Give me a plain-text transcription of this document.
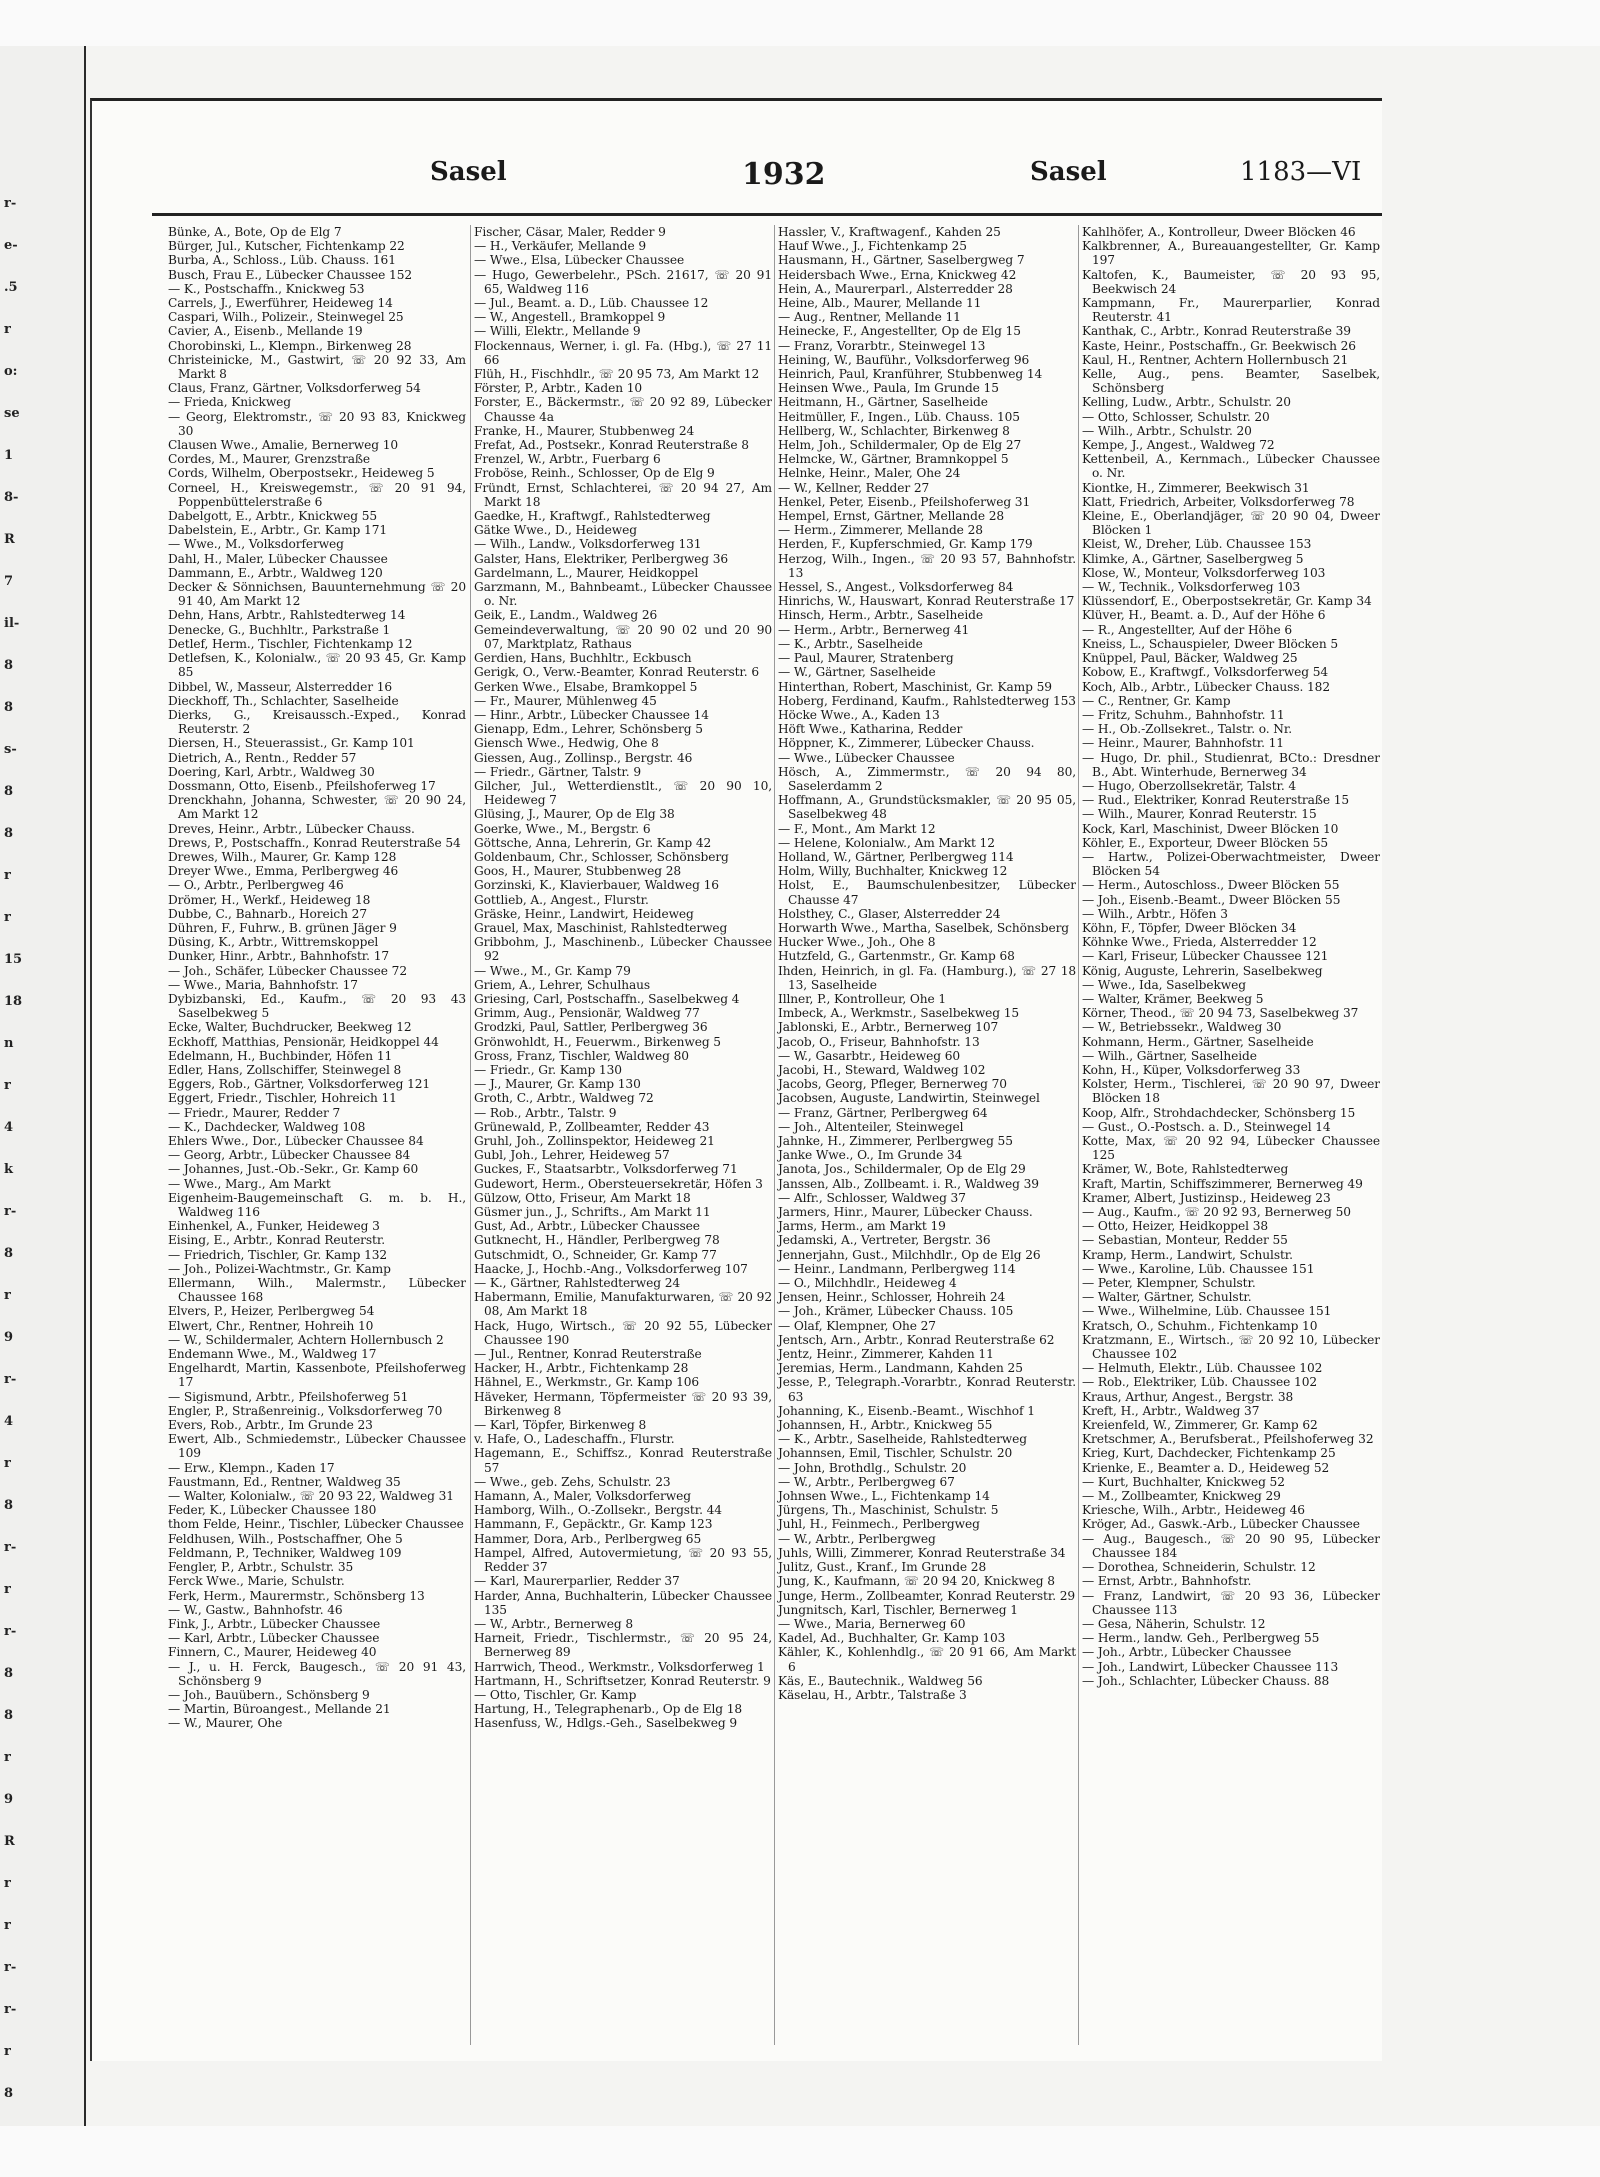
r-
e-
.5
r
o:
se
1
8-
R
7
il-
8
8
s-
8
8
r
r
15
18
n
r
4
k
r-
8
r
9
r-
4
r
8
r-
r
r-
8
8
r
9
R
r
r
r-
r-
r
8
Sasel	1932	Sasel	1183—VI

Bünke, A., Bote, Op de Elg 7

Bürger, Jul., Kutscher, Fichtenkamp 22

Burba, A., Schloss., Lüb. Chauss. 161

Busch, Frau E., Lübecker Chaussee 152

— K., Postschaffn., Knickweg 53

Carrels, J., Ewerführer, Heideweg 14

Caspari, Wilh., Polizeir., Steinwegel 25

Cavier, A., Eisenb., Mellande 19

Chorobinski, L., Klempn., Birkenweg 28

Christeinicke, M., Gastwirt, ☏ 20 92 33, Am Markt 8

Claus, Franz, Gärtner, Volksdorferweg 54

— Frieda, Knickweg

— Georg, Elektromstr., ☏ 20 93 83, Knickweg 30

Clausen Wwe., Amalie, Bernerweg 10

Cordes, M., Maurer, Grenzstraße

Cords, Wilhelm, Oberpostsekr., Heideweg 5

Corneel, H., Kreiswegemstr., ☏ 20 91 94, Poppenbüttelerstraße 6

Dabelgott, E., Arbtr., Knickweg 55

Dabelstein, E., Arbtr., Gr. Kamp 171

— Wwe., M., Volksdorferweg

Dahl, H., Maler, Lübecker Chaussee

Dammann, E., Arbtr., Waldweg 120

Decker & Sönnichsen, Bauunternehmung ☏ 20 91 40, Am Markt 12

Dehn, Hans, Arbtr., Rahlstedterweg 14

Denecke, G., Buchhltr., Parkstraße 1

Detlef, Herm., Tischler, Fichtenkamp 12

Detlefsen, K., Kolonialw., ☏ 20 93 45, Gr. Kamp 85

Dibbel, W., Masseur, Alsterredder 16

Dieckhoff, Th., Schlachter, Saselheide

Dierks, G., Kreisaussch.-Exped., Konrad Reuterstr. 2

Diersen, H., Steuerassist., Gr. Kamp 101

Dietrich, A., Rentn., Redder 57

Doering, Karl, Arbtr., Waldweg 30

Dossmann, Otto, Eisenb., Pfeilshoferweg 17

Drenckhahn, Johanna, Schwester, ☏ 20 90 24, Am Markt 12

Dreves, Heinr., Arbtr., Lübecker Chauss.

Drews, P., Postschaffn., Konrad Reuterstraße 54

Drewes, Wilh., Maurer, Gr. Kamp 128

Dreyer Wwe., Emma, Perlbergweg 46

— O., Arbtr., Perlbergweg 46

Drömer, H., Werkf., Heideweg 18

Dubbe, C., Bahnarb., Horeich 27

Dühren, F., Fuhrw., B. grünen Jäger 9

Düsing, K., Arbtr., Wittremskoppel

Dunker, Hinr., Arbtr., Bahnhofstr. 17

— Joh., Schäfer, Lübecker Chaussee 72

— Wwe., Maria, Bahnhofstr. 17

Dybizbanski, Ed., Kaufm., ☏ 20 93 43 Saselbekweg 5

Ecke, Walter, Buchdrucker, Beekweg 12

Eckhoff, Matthias, Pensionär, Heidkoppel 44

Edelmann, H., Buchbinder, Höfen 11

Edler, Hans, Zollschiffer, Steinwegel 8

Eggers, Rob., Gärtner, Volksdorferweg 121

Eggert, Friedr., Tischler, Hohreich 11

— Friedr., Maurer, Redder 7

— K., Dachdecker, Waldweg 108

Ehlers Wwe., Dor., Lübecker Chaussee 84

— Georg, Arbtr., Lübecker Chaussee 84

— Johannes, Just.-Ob.-Sekr., Gr. Kamp 60

— Wwe., Marg., Am Markt

Eigenheim-Baugemeinschaft G. m. b. H., Waldweg 116

Einhenkel, A., Funker, Heideweg 3

Eising, E., Arbtr., Konrad Reuterstr.

— Friedrich, Tischler, Gr. Kamp 132

— Joh., Polizei-Wachtmstr., Gr. Kamp

Ellermann, Wilh., Malermstr., Lübecker Chaussee 168

Elvers, P., Heizer, Perlbergweg 54

Elwert, Chr., Rentner, Hohreih 10

— W., Schildermaler, Achtern Hollernbusch 2

Endemann Wwe., M., Waldweg 17

Engelhardt, Martin, Kassenbote, Pfeilshoferweg 17

— Sigismund, Arbtr., Pfeilshoferweg 51

Engler, P., Straßenreinig., Volksdorferweg 70

Evers, Rob., Arbtr., Im Grunde 23

Ewert, Alb., Schmiedemstr., Lübecker Chaussee 109

— Erw., Klempn., Kaden 17

Faustmann, Ed., Rentner, Waldweg 35

— Walter, Kolonialw., ☏ 20 93 22, Waldweg 31

Feder, K., Lübecker Chaussee 180

thom Felde, Heinr., Tischler, Lübecker Chaussee

Feldhusen, Wilh., Postschaffner, Ohe 5

Feldmann, P., Techniker, Waldweg 109

Fengler, P., Arbtr., Schulstr. 35

Ferck Wwe., Marie, Schulstr.

Ferk, Herm., Maurermstr., Schönsberg 13

— W., Gastw., Bahnhofstr. 46

Fink, J., Arbtr., Lübecker Chaussee

— Karl, Arbtr., Lübecker Chaussee

Finnern, C., Maurer, Heideweg 40

— J., u. H. Ferck, Baugesch., ☏ 20 91 43, Schönsberg 9

— Joh., Bauübern., Schönsberg 9

— Martin, Büroangest., Mellande 21

— W., Maurer, Ohe

Fischer, Cäsar, Maler, Redder 9

— H., Verkäufer, Mellande 9

— Wwe., Elsa, Lübecker Chaussee

— Hugo, Gewerbelehr., PSch. 21617, ☏ 20 91 65, Waldweg 116

— Jul., Beamt. a. D., Lüb. Chaussee 12

— W., Angestell., Bramkoppel 9

— Willi, Elektr., Mellande 9

Flockennaus, Werner, i. gl. Fa. (Hbg.), ☏ 27 11 66

Flüh, H., Fischhdlr., ☏ 20 95 73, Am Markt 12

Förster, P., Arbtr., Kaden 10

Forster, E., Bäckermstr., ☏ 20 92 89, Lübecker Chausse 4a

Franke, H., Maurer, Stubbenweg 24

Frefat, Ad., Postsekr., Konrad Reuterstraße 8

Frenzel, W., Arbtr., Fuerbarg 6

Froböse, Reinh., Schlosser, Op de Elg 9

Fründt, Ernst, Schlachterei, ☏ 20 94 27, Am Markt 18

Gaedke, H., Kraftwgf., Rahlstedterweg

Gätke Wwe., D., Heideweg

— Wilh., Landw., Volksdorferweg 131

Galster, Hans, Elektriker, Perlbergweg 36

Gardelmann, L., Maurer, Heidkoppel

Garzmann, M., Bahnbeamt., Lübecker Chaussee o. Nr.

Geik, E., Landm., Waldweg 26

Gemeindeverwaltung, ☏ 20 90 02 und 20 90 07, Marktplatz, Rathaus

Gerdien, Hans, Buchhltr., Eckbusch

Gerigk, O., Verw.-Beamter, Konrad Reuterstr. 6

Gerken Wwe., Elsabe, Bramkoppel 5

— Fr., Maurer, Mühlenweg 45

— Hinr., Arbtr., Lübecker Chaussee 14

Gienapp, Edm., Lehrer, Schönsberg 5

Giensch Wwe., Hedwig, Ohe 8

Giessen, Aug., Zollinsp., Bergstr. 46

— Friedr., Gärtner, Talstr. 9

Gilcher, Jul., Wetterdienstlt., ☏ 20 90 10, Heideweg 7

Glüsing, J., Maurer, Op de Elg 38

Goerke, Wwe., M., Bergstr. 6

Göttsche, Anna, Lehrerin, Gr. Kamp 42

Goldenbaum, Chr., Schlosser, Schönsberg

Goos, H., Maurer, Stubbenweg 28

Gorzinski, K., Klavierbauer, Waldweg 16

Gottlieb, A., Angest., Flurstr.

Gräske, Heinr., Landwirt, Heideweg

Grauel, Max, Maschinist, Rahlstedterweg

Gribbohm, J., Maschinenb., Lübecker Chaussee 92

— Wwe., M., Gr. Kamp 79

Griem, A., Lehrer, Schulhaus

Griesing, Carl, Postschaffn., Saselbekweg 4

Grimm, Aug., Pensionär, Waldweg 77

Grodzki, Paul, Sattler, Perlbergweg 36

Grönwohldt, H., Feuerwm., Birkenweg 5

Gross, Franz, Tischler, Waldweg 80

— Friedr., Gr. Kamp 130

— J., Maurer, Gr. Kamp 130

Groth, C., Arbtr., Waldweg 72

— Rob., Arbtr., Talstr. 9

Grünewald, P., Zollbeamter, Redder 43

Gruhl, Joh., Zollinspektor, Heideweg 21

Gubl, Joh., Lehrer, Heideweg 57

Guckes, F., Staatsarbtr., Volksdorferweg 71

Gudewort, Herm., Obersteuersekretär, Höfen 3

Gülzow, Otto, Friseur, Am Markt 18

Güsmer jun., J., Schrifts., Am Markt 11

Gust, Ad., Arbtr., Lübecker Chaussee

Gutknecht, H., Händler, Perlbergweg 78

Gutschmidt, O., Schneider, Gr. Kamp 77

Haacke, J., Hochb.-Ang., Volksdorferweg 107

— K., Gärtner, Rahlstedterweg 24

Habermann, Emilie, Manufakturwaren, ☏ 20 92 08, Am Markt 18

Hack, Hugo, Wirtsch., ☏ 20 92 55, Lübecker Chaussee 190

— Jul., Rentner, Konrad Reuterstraße

Hacker, H., Arbtr., Fichtenkamp 28

Hähnel, E., Werkmstr., Gr. Kamp 106

Häveker, Hermann, Töpfermeister ☏ 20 93 39, Birkenweg 8

— Karl, Töpfer, Birkenweg 8

v. Hafe, O., Ladeschaffn., Flurstr.

Hagemann, E., Schiffsz., Konrad Reuterstraße 57

— Wwe., geb. Zehs, Schulstr. 23

Hamann, A., Maler, Volksdorferweg

Hamborg, Wilh., O.-Zollsekr., Bergstr. 44

Hammann, F., Gepäcktr., Gr. Kamp 123

Hammer, Dora, Arb., Perlbergweg 65

Hampel, Alfred, Autovermietung, ☏ 20 93 55, Redder 37

— Karl, Maurerparlier, Redder 37

Harder, Anna, Buchhalterin, Lübecker Chaussee 135

— W., Arbtr., Bernerweg 8

Harneit, Friedr., Tischlermstr., ☏ 20 95 24, Bernerweg 89

Harrwich, Theod., Werkmstr., Volksdorferweg 1

Hartmann, H., Schriftsetzer, Konrad Reuterstr. 9

— Otto, Tischler, Gr. Kamp

Hartung, H., Telegraphenarb., Op de Elg 18

Hasenfuss, W., Hdlgs.-Geh., Saselbekweg 9

Hassler, V., Kraftwagenf., Kahden 25

Hauf Wwe., J., Fichtenkamp 25

Hausmann, H., Gärtner, Saselbergweg 7

Heidersbach Wwe., Erna, Knickweg 42

Hein, A., Maurerparl., Alsterredder 28

Heine, Alb., Maurer, Mellande 11

— Aug., Rentner, Mellande 11

Heinecke, F., Angestellter, Op de Elg 15

— Franz, Vorarbtr., Steinwegel 13

Heining, W., Bauführ., Volksdorferweg 96

Heinrich, Paul, Kranführer, Stubbenweg 14

Heinsen Wwe., Paula, Im Grunde 15

Heitmann, H., Gärtner, Saselheide

Heitmüller, F., Ingen., Lüb. Chauss. 105

Hellberg, W., Schlachter, Birkenweg 8

Helm, Joh., Schildermaler, Op de Elg 27

Helmcke, W., Gärtner, Bramnkoppel 5

Helnke, Heinr., Maler, Ohe 24

— W., Kellner, Redder 27

Henkel, Peter, Eisenb., Pfeilshoferweg 31

Hempel, Ernst, Gärtner, Mellande 28

— Herm., Zimmerer, Mellande 28

Herden, F., Kupferschmied, Gr. Kamp 179

Herzog, Wilh., Ingen., ☏ 20 93 57, Bahnhofstr. 13

Hessel, S., Angest., Volksdorferweg 84

Hinrichs, W., Hauswart, Konrad Reuterstraße 17

Hinsch, Herm., Arbtr., Saselheide

— Herm., Arbtr., Bernerweg 41

— K., Arbtr., Saselheide

— Paul, Maurer, Stratenberg

— W., Gärtner, Saselheide

Hinterthan, Robert, Maschinist, Gr. Kamp 59

Hoberg, Ferdinand, Kaufm., Rahlstedterweg 153

Höcke Wwe., A., Kaden 13

Höft Wwe., Katharina, Redder

Höppner, K., Zimmerer, Lübecker Chauss.

— Wwe., Lübecker Chaussee

Hösch, A., Zimmermstr., ☏ 20 94 80, Saselerdamm 2

Hoffmann, A., Grundstücksmakler, ☏ 20 95 05, Saselbekweg 48

— F., Mont., Am Markt 12

— Helene, Kolonialw., Am Markt 12

Holland, W., Gärtner, Perlbergweg 114

Holm, Willy, Buchhalter, Knickweg 12

Holst, E., Baumschulenbesitzer, Lübecker Chausse 47

Holsthey, C., Glaser, Alsterredder 24

Horwarth Wwe., Martha, Saselbek, Schönsberg

Hucker Wwe., Joh., Ohe 8

Hutzfeld, G., Gartenmstr., Gr. Kamp 68

Ihden, Heinrich, in gl. Fa. (Hamburg.), ☏ 27 18 13, Saselheide

Illner, P., Kontrolleur, Ohe 1

Imbeck, A., Werkmstr., Saselbekweg 15

Jablonski, E., Arbtr., Bernerweg 107

Jacob, O., Friseur, Bahnhofstr. 13

— W., Gasarbtr., Heideweg 60

Jacobi, H., Steward, Waldweg 102

Jacobs, Georg, Pfleger, Bernerweg 70

Jacobsen, Auguste, Landwirtin, Steinwegel

— Franz, Gärtner, Perlbergweg 64

— Joh., Altenteiler, Steinwegel

Jahnke, H., Zimmerer, Perlbergweg 55

Janke Wwe., O., Im Grunde 34

Janota, Jos., Schildermaler, Op de Elg 29

Janssen, Alb., Zollbeamt. i. R., Waldweg 39

— Alfr., Schlosser, Waldweg 37

Jarmers, Hinr., Maurer, Lübecker Chauss.

Jarms, Herm., am Markt 19

Jedamski, A., Vertreter, Bergstr. 36

Jennerjahn, Gust., Milchhdlr., Op de Elg 26

— Heinr., Landmann, Perlbergweg 114

— O., Milchhdlr., Heideweg 4

Jensen, Heinr., Schlosser, Hohreih 24

— Joh., Krämer, Lübecker Chauss. 105

— Olaf, Klempner, Ohe 27

Jentsch, Arn., Arbtr., Konrad Reuterstraße 62

Jentz, Heinr., Zimmerer, Kahden 11

Jeremias, Herm., Landmann, Kahden 25

Jesse, P., Telegraph.-Vorarbtr., Konrad Reuterstr. 63

Johanning, K., Eisenb.-Beamt., Wischhof 1

Johannsen, H., Arbtr., Knickweg 55

— K., Arbtr., Saselheide, Rahlstedterweg

Johannsen, Emil, Tischler, Schulstr. 20

— John, Brothdlg., Schulstr. 20

— W., Arbtr., Perlbergweg 67

Johnsen Wwe., L., Fichtenkamp 14

Jürgens, Th., Maschinist, Schulstr. 5

Juhl, H., Feinmech., Perlbergweg

— W., Arbtr., Perlbergweg

Juhls, Willi, Zimmerer, Konrad Reuterstraße 34

Julitz, Gust., Kranf., Im Grunde 28

Jung, K., Kaufmann, ☏ 20 94 20, Knickweg 8

Junge, Herm., Zollbeamter, Konrad Reuterstr. 29

Jungnitsch, Karl, Tischler, Bernerweg 1

— Wwe., Maria, Bernerweg 60

Kadel, Ad., Buchhalter, Gr. Kamp 103

Kähler, K., Kohlenhdlg., ☏ 20 91 66, Am Markt 6

Käs, E., Bautechnik., Waldweg 56

Käselau, H., Arbtr., Talstraße 3

Kahlhöfer, A., Kontrolleur, Dweer Blöcken 46

Kalkbrenner, A., Bureauangestellter, Gr. Kamp 197

Kaltofen, K., Baumeister, ☏ 20 93 95, Beekwisch 24

Kampmann, Fr., Maurerparlier, Konrad Reuterstr. 41

Kanthak, C., Arbtr., Konrad Reuterstraße 39

Kaste, Heinr., Postschaffn., Gr. Beekwisch 26

Kaul, H., Rentner, Achtern Hollernbusch 21

Kelle, Aug., pens. Beamter, Saselbek, Schönsberg

Kelling, Ludw., Arbtr., Schulstr. 20

— Otto, Schlosser, Schulstr. 20

— Wilh., Arbtr., Schulstr. 20

Kempe, J., Angest., Waldweg 72

Kettenbeil, A., Kernmach., Lübecker Chaussee o. Nr.

Kiontke, H., Zimmerer, Beekwisch 31

Klatt, Friedrich, Arbeiter, Volksdorferweg 78

Kleine, E., Oberlandjäger, ☏ 20 90 04, Dweer Blöcken 1

Kleist, W., Dreher, Lüb. Chaussee 153

Klimke, A., Gärtner, Saselbergweg 5

Klose, W., Monteur, Volksdorferweg 103

— W., Technik., Volksdorferweg 103

Klüssendorf, E., Oberpostsekretär, Gr. Kamp 34

Klüver, H., Beamt. a. D., Auf der Höhe 6

— R., Angestellter, Auf der Höhe 6

Kneiss, L., Schauspieler, Dweer Blöcken 5

Knüppel, Paul, Bäcker, Waldweg 25

Kobow, E., Kraftwgf., Volksdorferweg 54

Koch, Alb., Arbtr., Lübecker Chauss. 182

— C., Rentner, Gr. Kamp

— Fritz, Schuhm., Bahnhofstr. 11

— H., Ob.-Zollsekret., Talstr. o. Nr.

— Heinr., Maurer, Bahnhofstr. 11

— Hugo, Dr. phil., Studienrat, BCto.: Dresdner B., Abt. Winterhude, Bernerweg 34

— Hugo, Oberzollsekretär, Talstr. 4

— Rud., Elektriker, Konrad Reuterstraße 15

— Wilh., Maurer, Konrad Reuterstr. 15

Kock, Karl, Maschinist, Dweer Blöcken 10

Köhler, E., Exporteur, Dweer Blöcken 55

— Hartw., Polizei-Oberwachtmeister, Dweer Blöcken 54

— Herm., Autoschloss., Dweer Blöcken 55

— Joh., Eisenb.-Beamt., Dweer Blöcken 55

— Wilh., Arbtr., Höfen 3

Köhn, F., Töpfer, Dweer Blöcken 34

Köhnke Wwe., Frieda, Alsterredder 12

— Karl, Friseur, Lübecker Chaussee 121

König, Auguste, Lehrerin, Saselbekweg

— Wwe., Ida, Saselbekweg

— Walter, Krämer, Beekweg 5

Körner, Theod., ☏ 20 94 73, Saselbekweg 37

— W., Betriebssekr., Waldweg 30

Kohmann, Herm., Gärtner, Saselheide

— Wilh., Gärtner, Saselheide

Kohn, H., Küper, Volksdorferweg 33

Kolster, Herm., Tischlerei, ☏ 20 90 97, Dweer Blöcken 18

Koop, Alfr., Strohdachdecker, Schönsberg 15

— Gust., O.-Postsch. a. D., Steinwegel 14

Kotte, Max, ☏ 20 92 94, Lübecker Chaussee 125

Krämer, W., Bote, Rahlstedterweg

Kraft, Martin, Schiffszimmerer, Bernerweg 49

Kramer, Albert, Justizinsp., Heideweg 23

— Aug., Kaufm., ☏ 20 92 93, Bernerweg 50

— Otto, Heizer, Heidkoppel 38

— Sebastian, Monteur, Redder 55

Kramp, Herm., Landwirt, Schulstr.

— Wwe., Karoline, Lüb. Chaussee 151

— Peter, Klempner, Schulstr.

— Walter, Gärtner, Schulstr.

— Wwe., Wilhelmine, Lüb. Chaussee 151

Kratsch, O., Schuhm., Fichtenkamp 10

Kratzmann, E., Wirtsch., ☏ 20 92 10, Lübecker Chaussee 102

— Helmuth, Elektr., Lüb. Chaussee 102

— Rob., Elektriker, Lüb. Chaussee 102

Kraus, Arthur, Angest., Bergstr. 38

Kreft, H., Arbtr., Waldweg 37

Kreienfeld, W., Zimmerer, Gr. Kamp 62

Kretschmer, A., Berufsberat., Pfeilshoferweg 32

Krieg, Kurt, Dachdecker, Fichtenkamp 25

Krienke, E., Beamter a. D., Heideweg 52

— Kurt, Buchhalter, Knickweg 52

— M., Zollbeamter, Knickweg 29

Kriesche, Wilh., Arbtr., Heideweg 46

Kröger, Ad., Gaswk.-Arb., Lübecker Chaussee

— Aug., Baugesch., ☏ 20 90 95, Lübecker Chaussee 184

— Dorothea, Schneiderin, Schulstr. 12

— Ernst, Arbtr., Bahnhofstr.

— Franz, Landwirt, ☏ 20 93 36, Lübecker Chaussee 113

— Gesa, Näherin, Schulstr. 12

— Herm., landw. Geh., Perlbergweg 55

— Joh., Arbtr., Lübecker Chaussee

— Joh., Landwirt, Lübecker Chaussee 113

— Joh., Schlachter, Lübecker Chauss. 88
